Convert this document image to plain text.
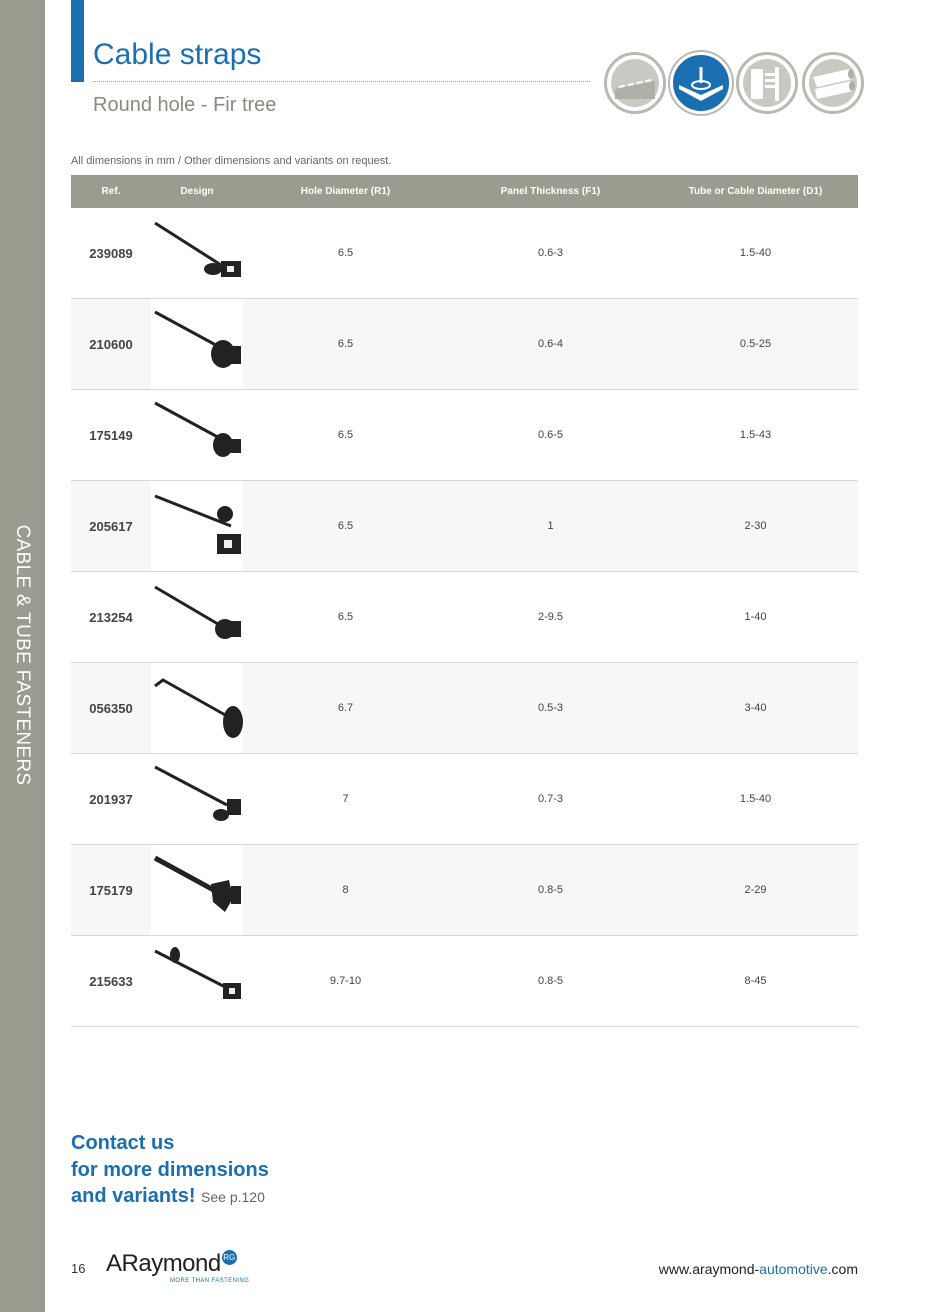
CABLE & TUBE FASTENERS
Cable straps
Round hole - Fir tree
All dimensions in mm / Other dimensions and variants on request.
Ref.	Design	Hole Diameter (R1)	Panel Thickness (F1)	Tube or Cable Diameter (D1)
239089	6.5	0.6-3	1.5-40
210600	6.5	0.6-4	0.5-25
175149	6.5	0.6-5	1.5-43
205617	6.5	1	2-30
213254	6.5	2-9.5	1-40
056350	6.7	0.5-3	3-40
201937	7	0.7-3	1.5-40
175179	8	0.8-5	2-29
215633	9.7-10	0.8-5	8-45
Contact us
for more dimensions
and variants! See p.120
16 ARaymond RG
MORE THAN FASTENING
www.araymond-automotive.com
